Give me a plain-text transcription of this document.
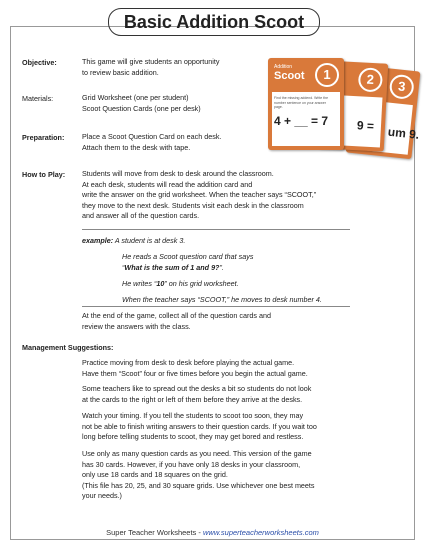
Basic Addition Scoot
3
um 9.
2
9 =
Addition
Scoot	1
Find the missing addend. Write the number sentence on your answer page.
4 + __ = 7
Objective:	This game will give students an opportunity
to review basic addition.
Materials:	Grid Worksheet (one per student)
Scoot Question Cards (one per desk)
Preparation: Place a Scoot Question Card on each desk.
Attach them to the desk with tape.
How to Play: Students will move from desk to desk around the classroom.
At each desk, students will read the addition card and
write the answer on the grid worksheet. When the teacher says “SCOOT,”
they move to the next desk. Students visit each desk in the classroom
and answer all of the question cards.
example: A student is at desk 3.
He reads a Scoot question card that says
“What is the sum of 1 and 9?”.
He writes “10” on his grid worksheet.
When the teacher says “SCOOT,” he moves to desk number 4.
At the end of the game, collect all of the question cards and
review the answers with the class.
Management Suggestions:
Practice moving from desk to desk before playing the actual game.
Have them “Scoot” four or five times before you begin the actual game.
Some teachers like to spread out the desks a bit so students do not look
at the cards to the right or left of them before they arrive at the desks.
Watch your timing. If you tell the students to scoot too soon, they may
not be able to finish writing answers to their question cards. If you wait too
long before telling students to scoot, they may get bored and restless.
Use only as many question cards as you need. This version of the game
has 30 cards. However, if you have only 18 desks in your classroom,
only use 18 cards and 18 squares on the grid.
(This file has 20, 25, and 30 square grids. Use whichever one best meets
your needs.)
Super Teacher Worksheets - www.superteacherworksheets.com
